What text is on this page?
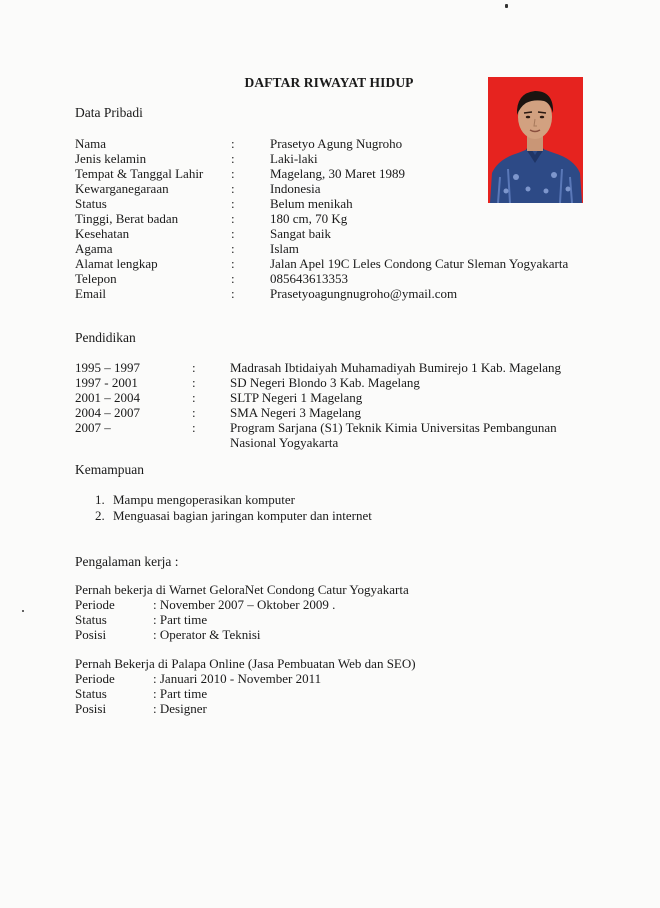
DAFTAR RIWAYAT HIDUP
Data Pribadi
Nama	:	Prasetyo Agung Nugroho
Jenis kelamin	:	Laki-laki
Tempat & Tanggal Lahir :	Magelang, 30 Maret 1989
Kewarganegaraan	:	Indonesia
Status	:	Belum menikah
Tinggi, Berat badan	:	180 cm, 70 Kg
Kesehatan	:	Sangat baik
Agama	:	Islam
Alamat lengkap	:	Jalan Apel 19C Leles Condong Catur Sleman Yogyakarta
Telepon	:	085643613353
Email	:	Prasetyoagungnugroho@ymail.com
Pendidikan
1995 – 1997	:	Madrasah Ibtidaiyah Muhamadiyah Bumirejo 1 Kab. Magelang
1997 - 2001	:	SD Negeri Blondo 3 Kab. Magelang
2001 – 2004	:	SLTP Negeri 1 Magelang
2004 – 2007	:	SMA Negeri 3 Magelang
2007 –	:	Program Sarjana (S1) Teknik Kimia Universitas Pembangunan
Nasional Yogyakarta
Kemampuan
1. Mampu mengoperasikan komputer
2. Menguasai bagian jaringan komputer dan internet
Pengalaman kerja :
Pernah bekerja di Warnet GeloraNet Condong Catur Yogyakarta
Periode	: November 2007 – Oktober 2009 .
Status	: Part time
Posisi	: Operator & Teknisi
Pernah Bekerja di Palapa Online (Jasa Pembuatan Web dan SEO)
Periode	: Januari 2010 - November 2011
Status	: Part time
Posisi	: Designer
